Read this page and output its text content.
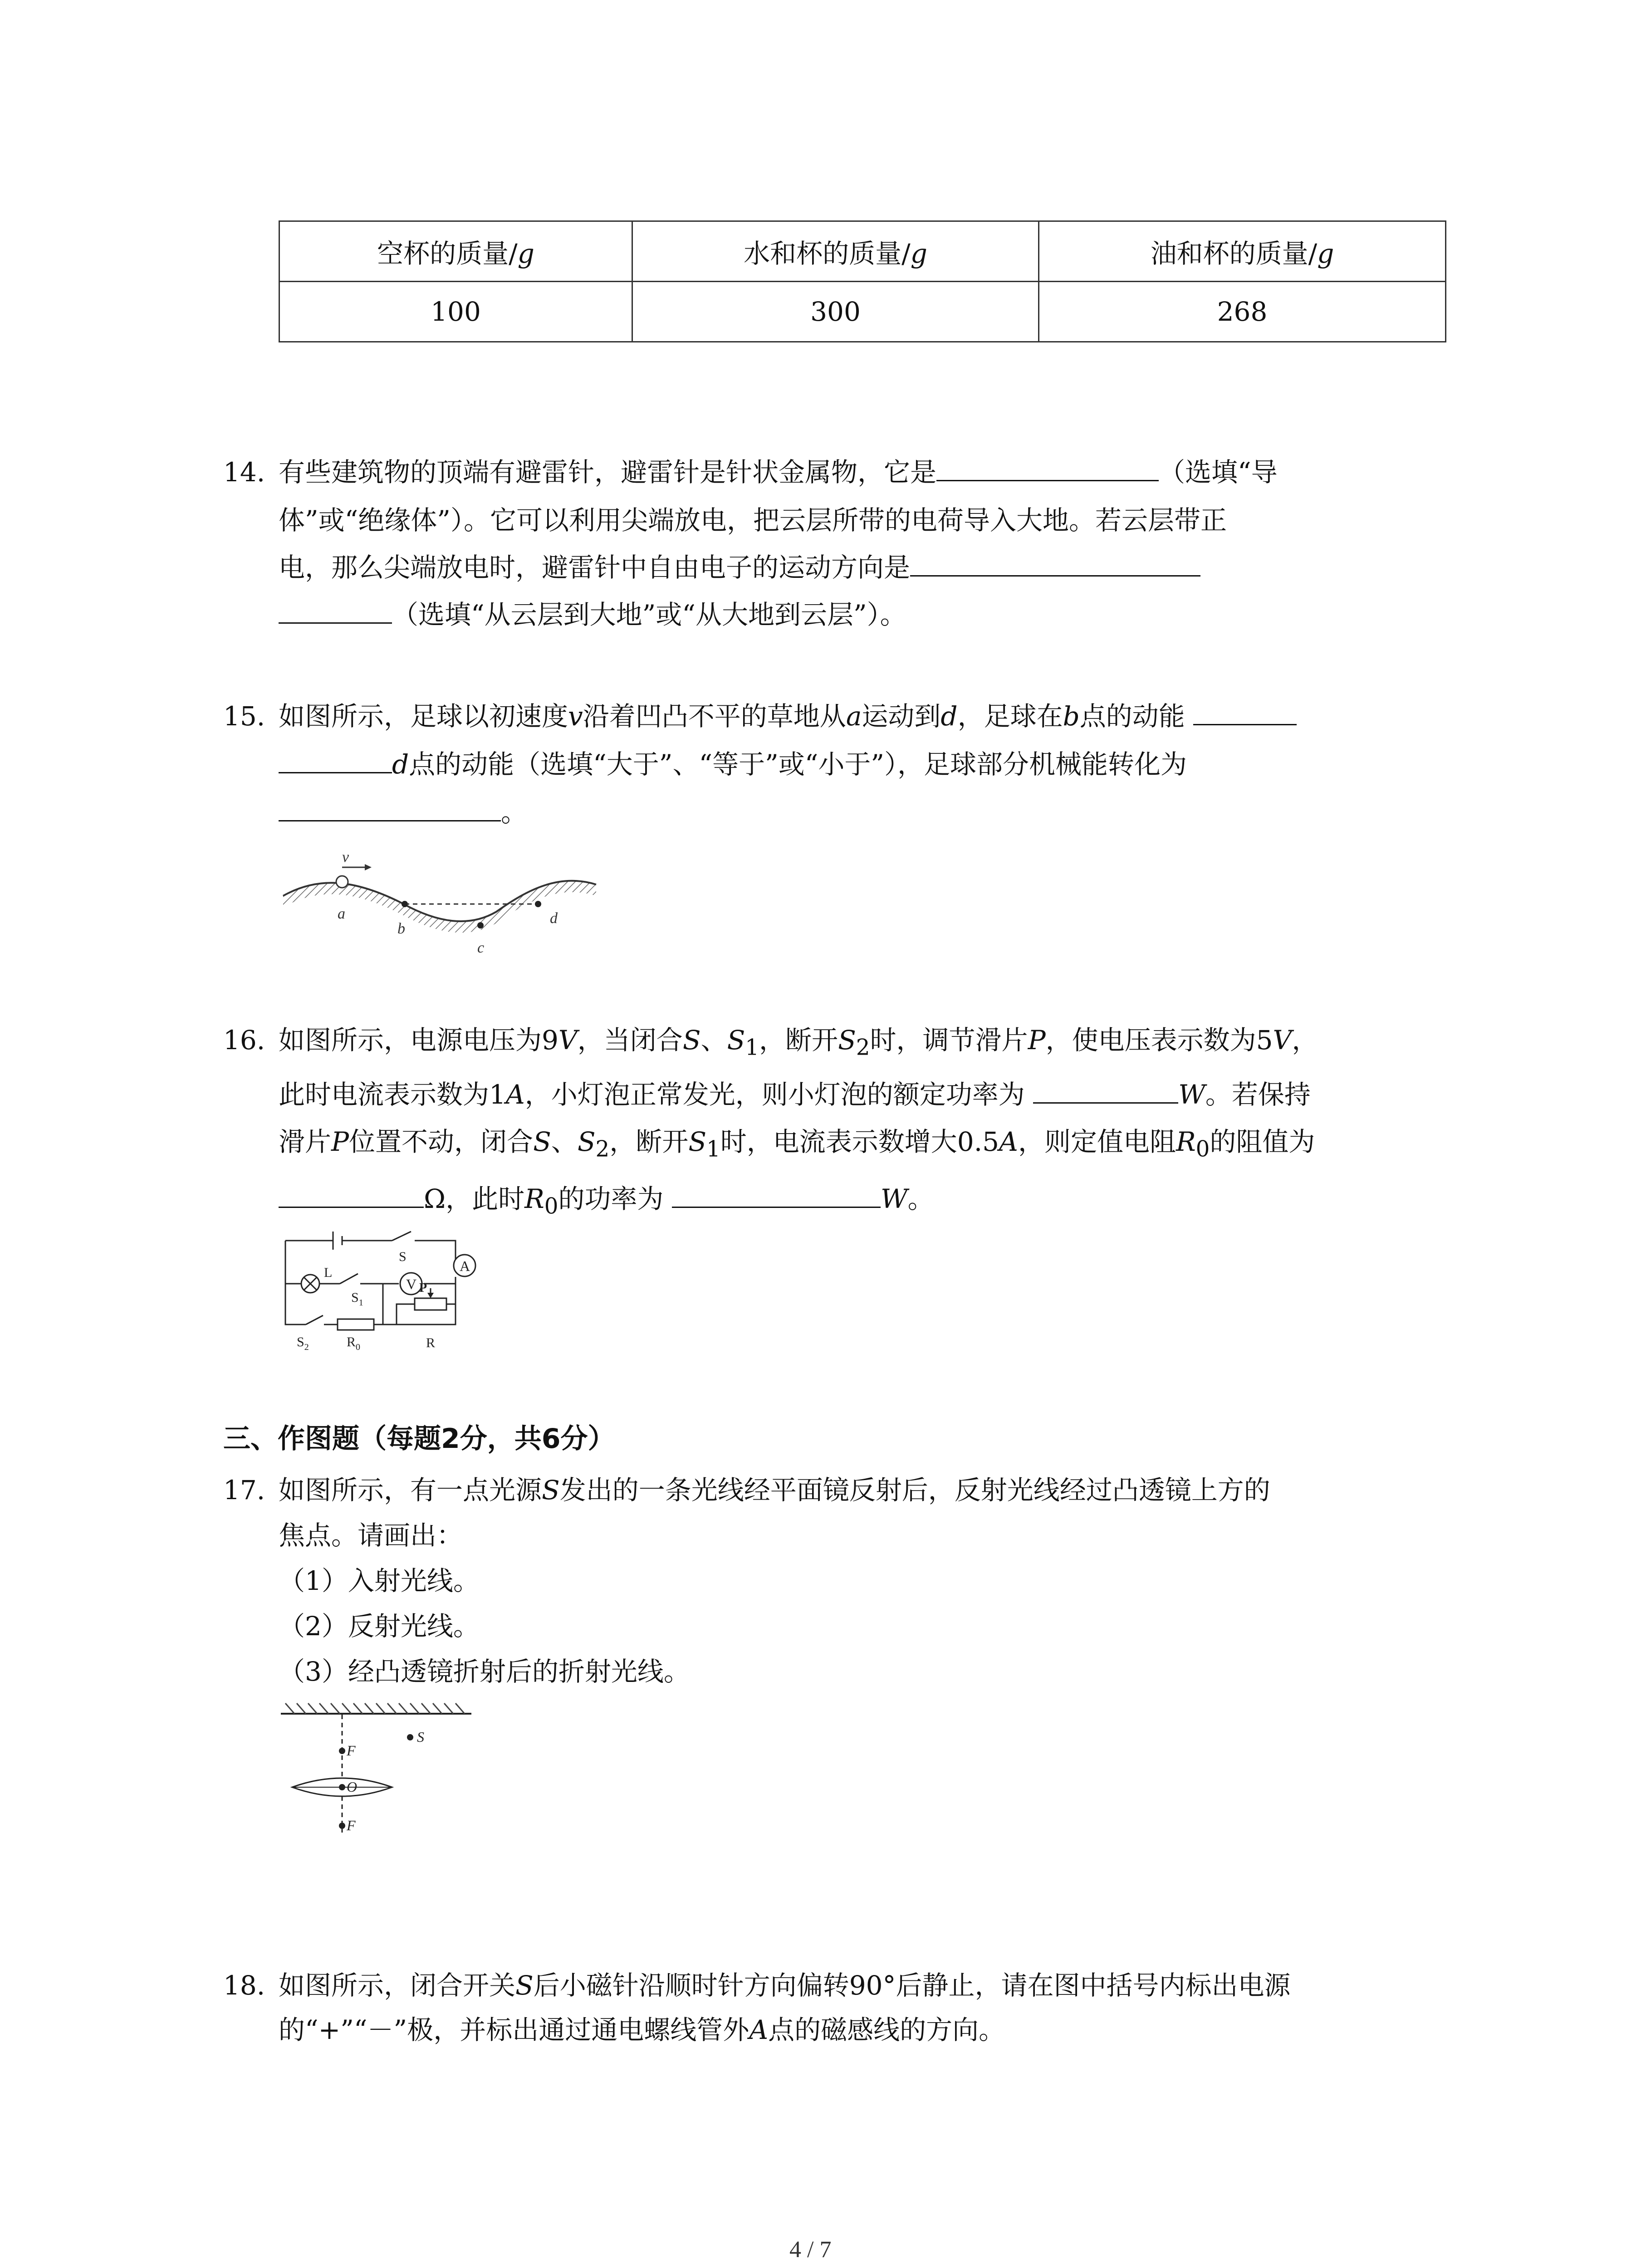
空杯的质量/g	水和杯的质量/g	油和杯的质量/g
100	300	268
14. 有些建筑物的顶端有避雷针，避雷针是针状金属物，它是	（选填“导
体”或“绝缘体”）。它可以利用尖端放电，把云层所带的电荷导入大地。若云层带正
电，那么尖端放电时，避雷针中自由电子的运动方向是
（选填“从云层到大地”或“从大地到云层”）。
15. 如图所示，足球以初速度v沿着凹凸不平的草地从a运动到d，足球在b点的动能
d点的动能（选填“大于”、“等于”或“小于”），足球部分机械能转化为
。
v
a
b
c
d
16. 如图所示，电源电压为9V，当闭合S、$S_1$，断开$S_2$时，调节滑片P，使电压表示数为5V，
此时电流表示数为1A，小灯泡正常发光，则小灯泡的额定功率为	W。若保持
滑片P位置不动，闭合S、$S_2$，断开$S_1$时，电流表示数增大0.5A，则定值电阻$R_0$的阻值为
Ω，此时$R_0$的功率为	W。
V
A
L
S
$S_1$
$S_2$	$R_0$
P
R
三、作图题（每题2分，共6分）
17. 如图所示，有一点光源S发出的一条光线经平面镜反射后，反射光线经过凸透镜上方的
焦点。请画出：
（1）入射光线。
（2）反射光线。
（3）经凸透镜折射后的折射光线。
F
O
F
S
18. 如图所示，闭合开关S后小磁针沿顺时针方向偏转90°后静止，请在图中括号内标出电源
的“+”“－”极，并标出通过通电螺线管外A点的磁感线的方向。
4 / 7
